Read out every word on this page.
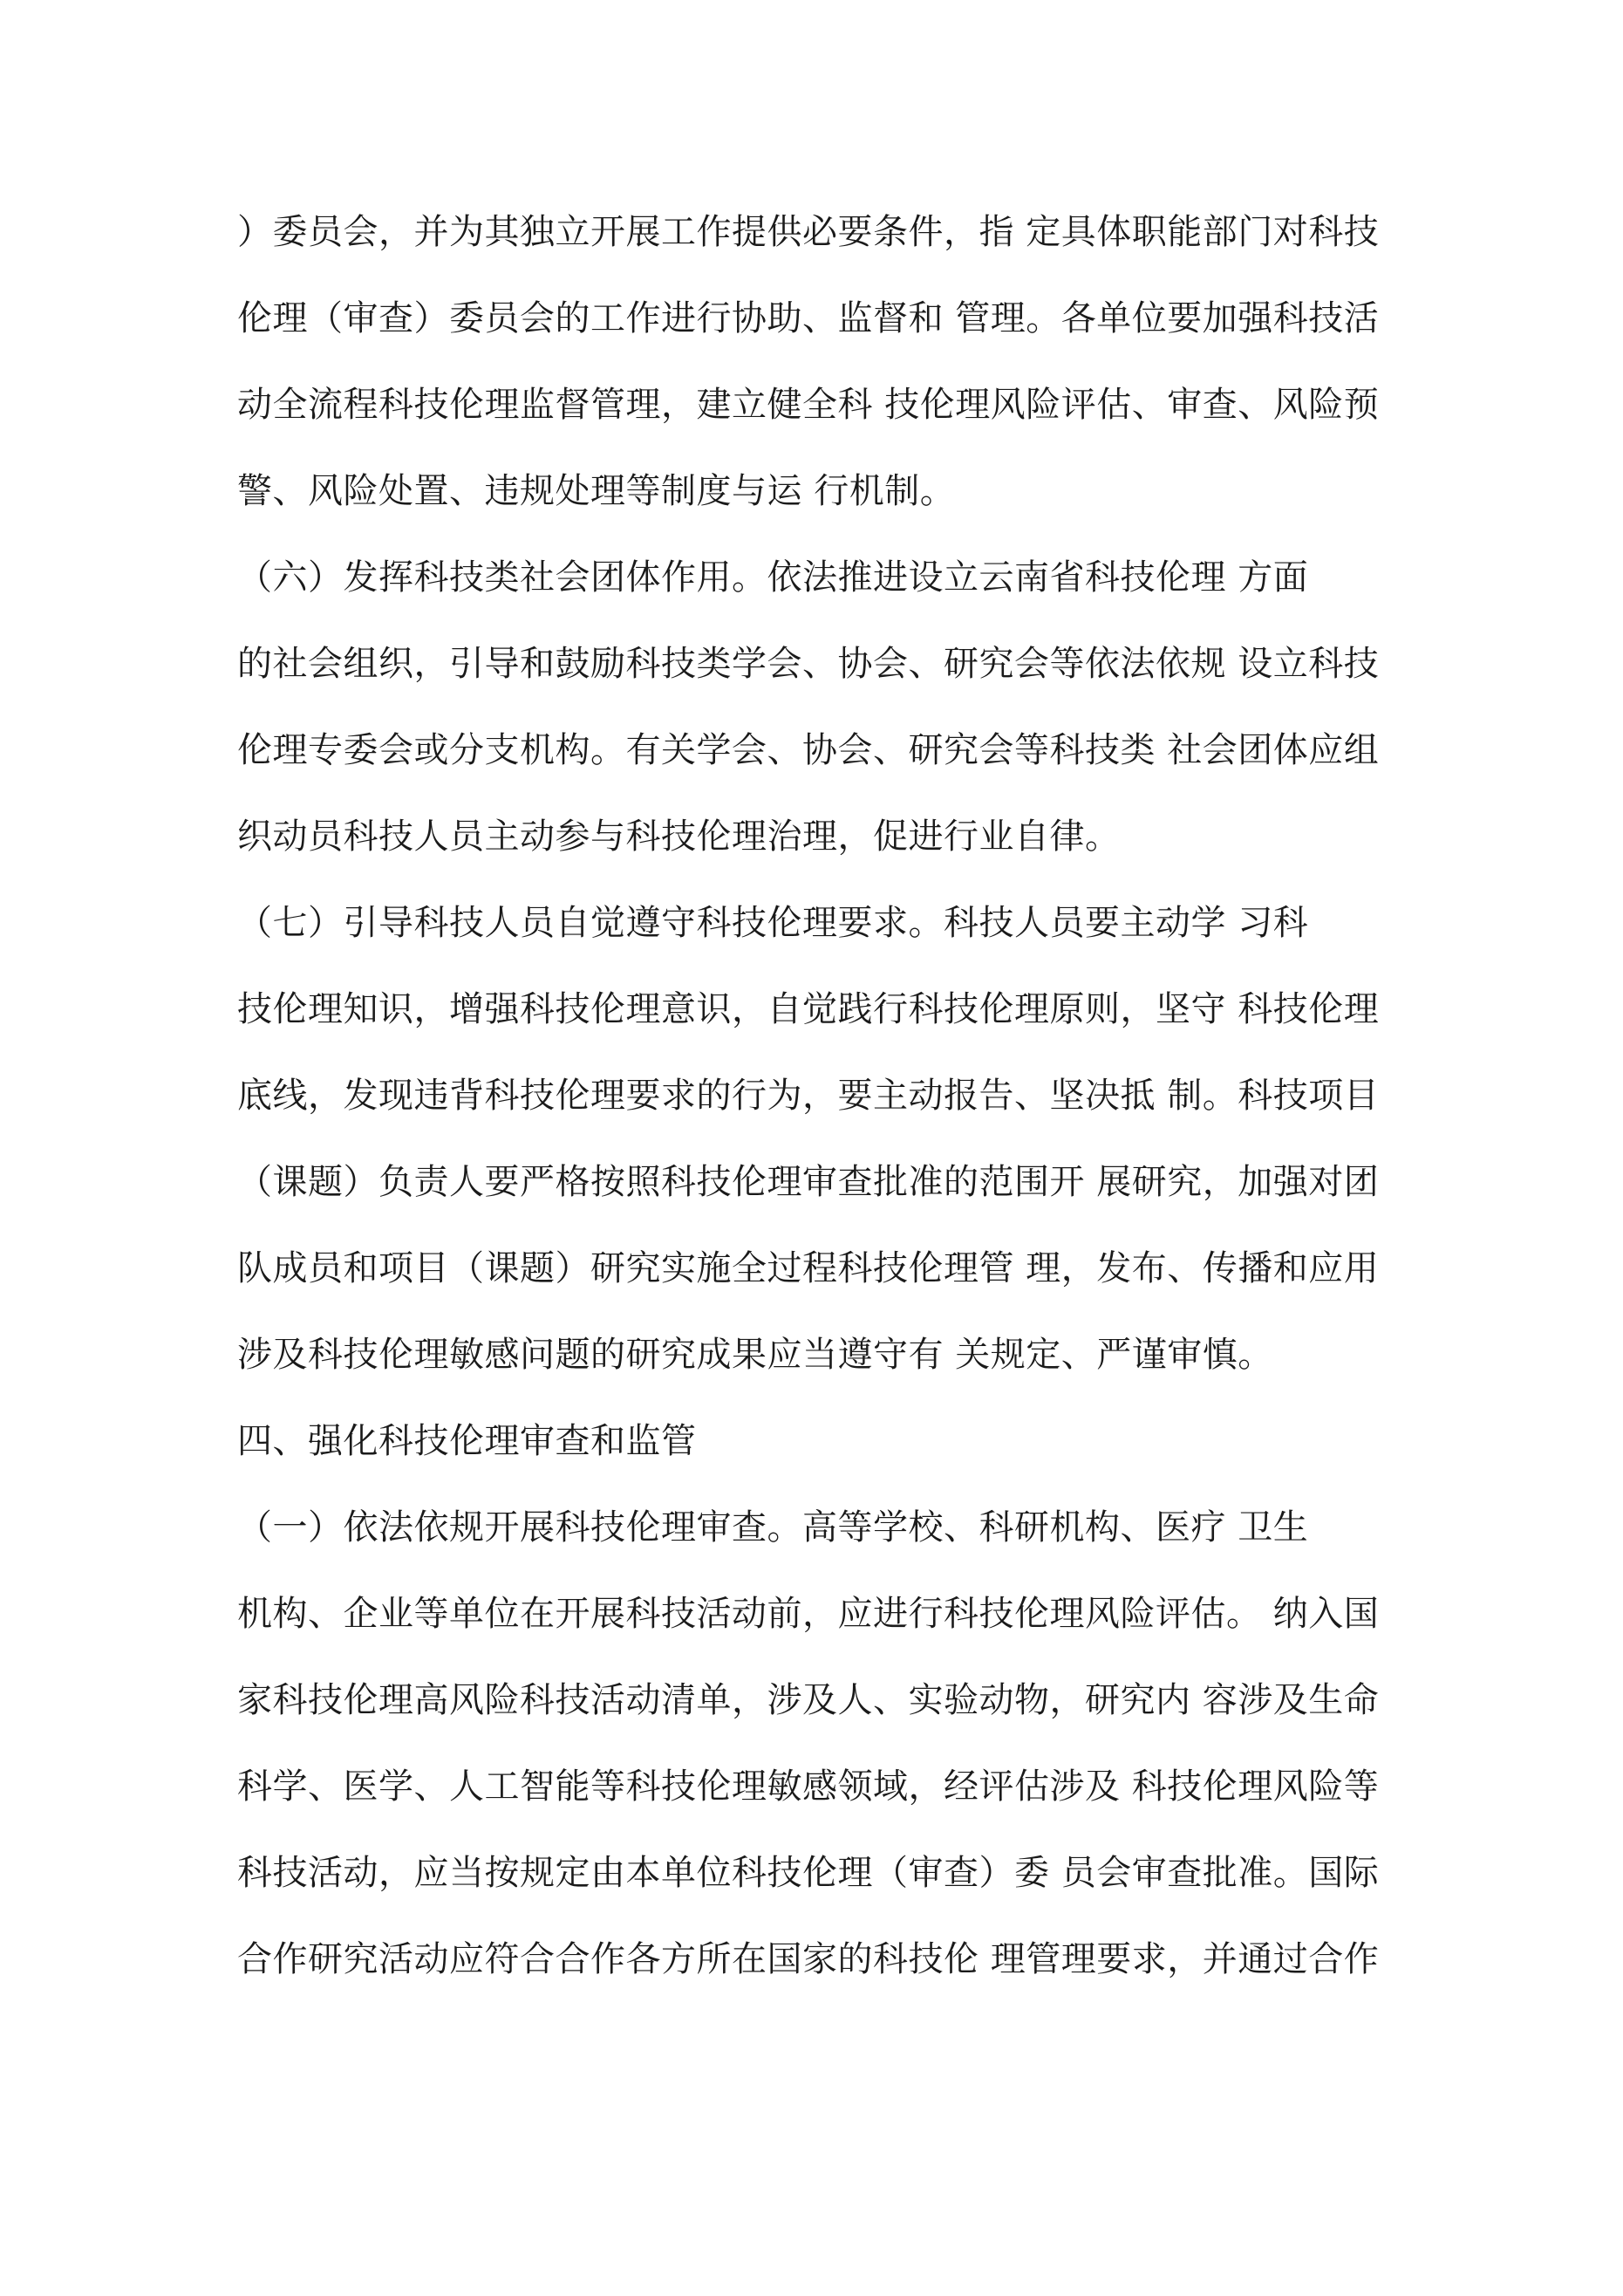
）委员会，并为其独立开展工作提供必要条件，指 定具体职能部门对科技
伦理（审查）委员会的工作进行协助、监督和 管理。各单位要加强科技活
动全流程科技伦理监督管理，建立健全科 技伦理风险评估、审查、风险预
警、风险处置、违规处理等制度与运 行机制。
（六）发挥科技类社会团体作用。依法推进设立云南省科技伦理 方面
的社会组织，引导和鼓励科技类学会、协会、研究会等依法依规 设立科技
伦理专委会或分支机构。有关学会、协会、研究会等科技类 社会团体应组
织动员科技人员主动参与科技伦理治理，促进行业自律。
（七）引导科技人员自觉遵守科技伦理要求。科技人员要主动学 习科
技伦理知识，增强科技伦理意识，自觉践行科技伦理原则，坚守 科技伦理
底线，发现违背科技伦理要求的行为，要主动报告、坚决抵 制。科技项目
（课题）负责人要严格按照科技伦理审查批准的范围开 展研究，加强对团
队成员和项目（课题）研究实施全过程科技伦理管 理，发布、传播和应用
涉及科技伦理敏感问题的研究成果应当遵守有 关规定、严谨审慎。
四、强化科技伦理审查和监管
（一）依法依规开展科技伦理审查。高等学校、科研机构、医疗 卫生
机构、企业等单位在开展科技活动前，应进行科技伦理风险评估。 纳入国
家科技伦理高风险科技活动清单，涉及人、实验动物，研究内 容涉及生命
科学、医学、人工智能等科技伦理敏感领域，经评估涉及 科技伦理风险等
科技活动，应当按规定由本单位科技伦理（审查）委 员会审查批准。国际
合作研究活动应符合合作各方所在国家的科技伦 理管理要求，并通过合作
